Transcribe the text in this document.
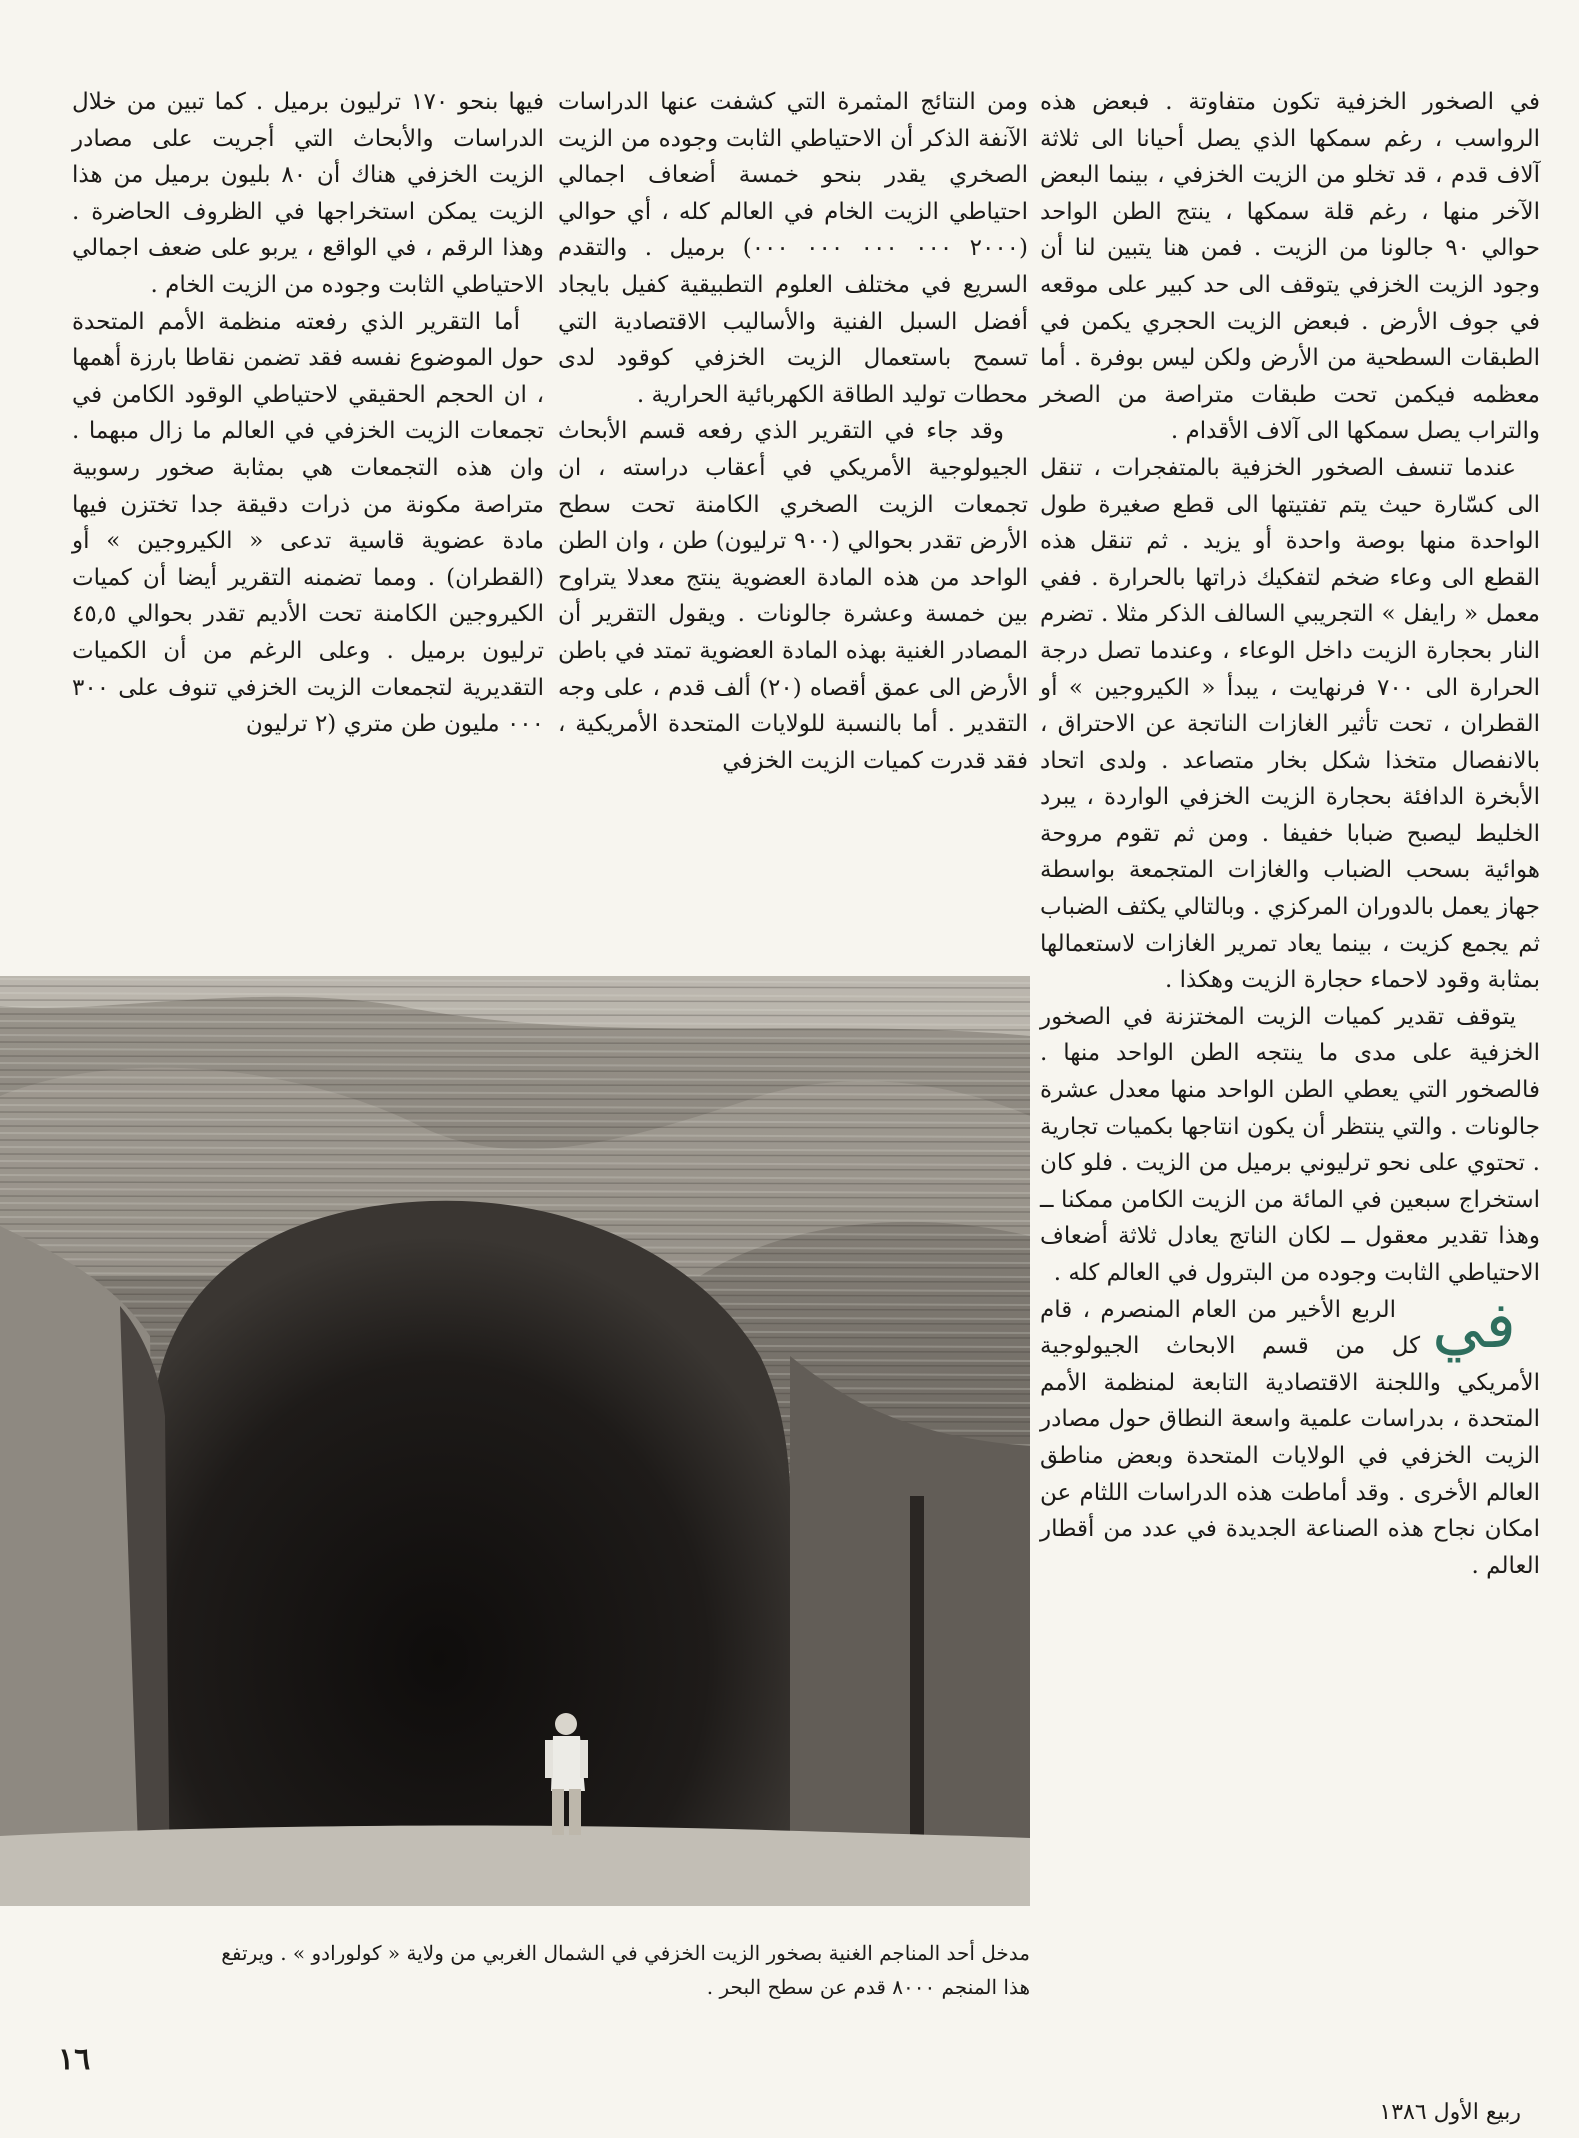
في الصخور الخزفية تكون متفاوتة . فبعض هذه الرواسب ، رغم سمكها الذي يصل أحيانا الى ثلاثة آلاف قدم ، قد تخلو من الزيت الخزفي ، بينما البعض الآخر منها ، رغم قلة سمكها ، ينتج الطن الواحد حوالي ٩٠ جالونا من الزيت . فمن هنا يتبين لنا أن وجود الزيت الخزفي يتوقف الى حد كبير على موقعه في جوف الأرض . فبعض الزيت الحجري يكمن في الطبقات السطحية من الأرض ولكن ليس بوفرة . أما معظمه فيكمن تحت طبقات متراصة من الصخر والتراب يصل سمكها الى آلاف الأقدام .

عندما تنسف الصخور الخزفية بالمتفجرات ، تنقل الى كسّارة حيث يتم تفتيتها الى قطع صغيرة طول الواحدة منها بوصة واحدة أو يزيد . ثم تنقل هذه القطع الى وعاء ضخم لتفكيك ذراتها بالحرارة . ففي معمل « رايفل » التجريبي السالف الذكر مثلا . تضرم النار بحجارة الزيت داخل الوعاء ، وعندما تصل درجة الحرارة الى ٧٠٠ فرنهايت ، يبدأ « الكيروجين » أو القطران ، تحت تأثير الغازات الناتجة عن الاحتراق ، بالانفصال متخذا شكل بخار متصاعد . ولدى اتحاد الأبخرة الدافئة بحجارة الزيت الخزفي الواردة ، يبرد الخليط ليصبح ضبابا خفيفا . ومن ثم تقوم مروحة هوائية بسحب الضباب والغازات المتجمعة بواسطة جهاز يعمل بالدوران المركزي . وبالتالي يكثف الضباب ثم يجمع كزيت ، بينما يعاد تمرير الغازات لاستعمالها بمثابة وقود لاحماء حجارة الزيت وهكذا .

يتوقف تقدير كميات الزيت المختزنة في الصخور الخزفية على مدى ما ينتجه الطن الواحد منها . فالصخور التي يعطي الطن الواحد منها معدل عشرة جالونات . والتي ينتظر أن يكون انتاجها بكميات تجارية . تحتوي على نحو ترليوني برميل من الزيت . فلو كان استخراج سبعين في المائة من الزيت الكامن ممكنا ــ وهذا تقدير معقول ــ لكان الناتج يعادل ثلاثة أضعاف الاحتياطي الثابت وجوده من البترول في العالم كله .

في
الربع الأخير من العام المنصرم ، قام كل من قسم الابحاث الجيولوجية الأمريكي واللجنة الاقتصادية التابعة لمنظمة الأمم المتحدة ، بدراسات علمية واسعة النطاق حول مصادر الزيت الخزفي في الولايات المتحدة وبعض مناطق العالم الأخرى . وقد أماطت هذه الدراسات اللثام عن امكان نجاح هذه الصناعة الجديدة في عدد من أقطار العالم .

ومن النتائج المثمرة التي كشفت عنها الدراسات الآنفة الذكر أن الاحتياطي الثابت وجوده من الزيت الصخري يقدر بنحو خمسة أضعاف اجمالي احتياطي الزيت الخام في العالم كله ، أي حوالي (٢٠٠٠ ٠٠٠ ٠٠٠ ٠٠٠ ٠٠٠) برميل . والتقدم السريع في مختلف العلوم التطبيقية كفيل بايجاد أفضل السبل الفنية والأساليب الاقتصادية التي تسمح باستعمال الزيت الخزفي كوقود لدى محطات توليد الطاقة الكهربائية الحرارية .

وقد جاء في التقرير الذي رفعه قسم الأبحاث الجيولوجية الأمريكي في أعقاب دراسته ، ان تجمعات الزيت الصخري الكامنة تحت سطح الأرض تقدر بحوالي (٩٠٠ ترليون) طن ، وان الطن الواحد من هذه المادة العضوية ينتج معدلا يتراوح بين خمسة وعشرة جالونات . ويقول التقرير أن المصادر الغنية بهذه المادة العضوية تمتد في باطن الأرض الى عمق أقصاه (٢٠) ألف قدم ، على وجه التقدير . أما بالنسبة للولايات المتحدة الأمريكية ، فقد قدرت كميات الزيت الخزفي

فيها بنحو ١٧٠ ترليون برميل . كما تبين من خلال الدراسات والأبحاث التي أجريت على مصادر الزيت الخزفي هناك أن ٨٠ بليون برميل من هذا الزيت يمكن استخراجها في الظروف الحاضرة . وهذا الرقم ، في الواقع ، يربو على ضعف اجمالي الاحتياطي الثابت وجوده من الزيت الخام .

أما التقرير الذي رفعته منظمة الأمم المتحدة حول الموضوع نفسه فقد تضمن نقاطا بارزة أهمها ، ان الحجم الحقيقي لاحتياطي الوقود الكامن في تجمعات الزيت الخزفي في العالم ما زال مبهما . وان هذه التجمعات هي بمثابة صخور رسوبية متراصة مكونة من ذرات دقيقة جدا تختزن فيها مادة عضوية قاسية تدعى « الكيروجين » أو (القطران) . ومما تضمنه التقرير أيضا أن كميات الكيروجين الكامنة تحت الأديم تقدر بحوالي ٤٥,٥ ترليون برميل . وعلى الرغم من أن الكميات التقديرية لتجمعات الزيت الخزفي تنوف على ٣٠٠ ٠٠٠ مليون طن متري (٢ ترليون

مدخل أحد المناجم الغنية بصخور الزيت الخزفي في الشمال الغربي من ولاية « كولورادو » . ويرتفع
هذا المنجم ٨٠٠٠ قدم عن سطح البحر .
١٦
ربيع الأول ١٣٨٦
